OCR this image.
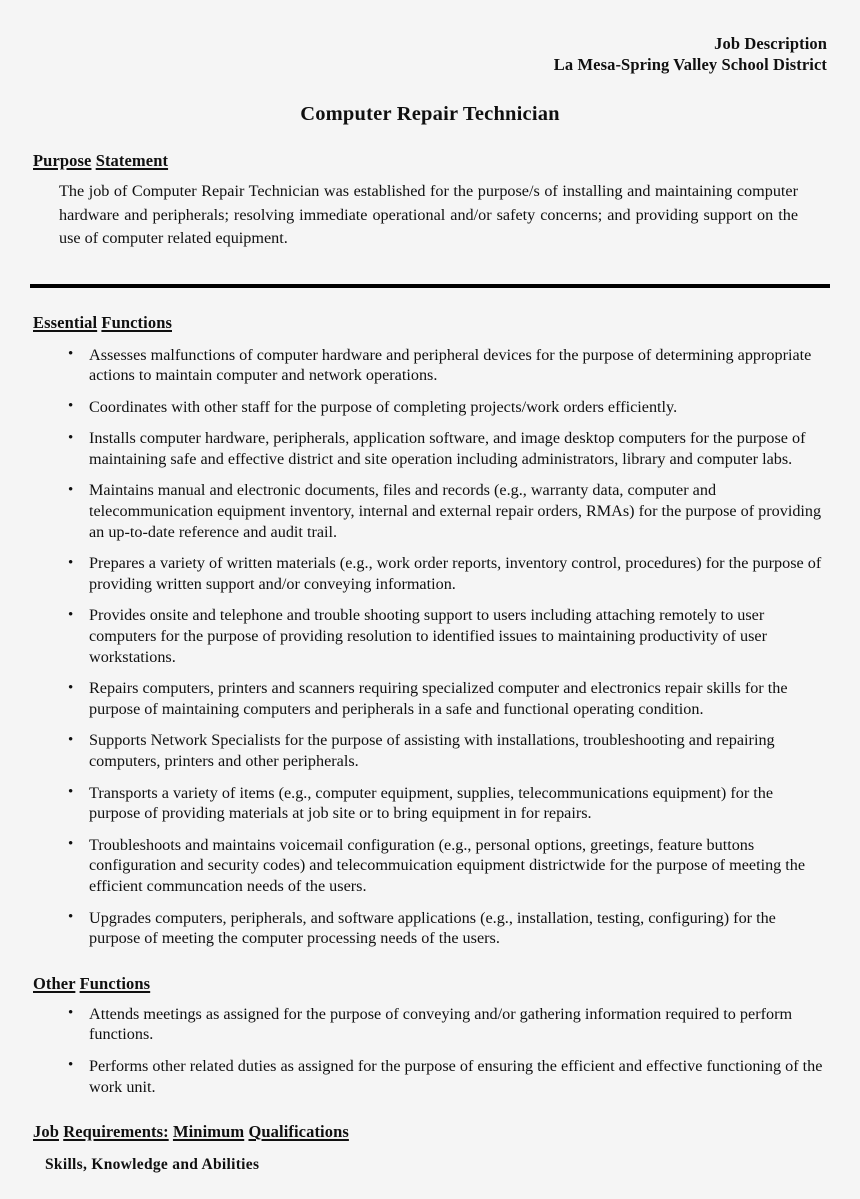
Job Description
La Mesa-Spring Valley School District
Computer Repair Technician
Purpose Statement
The job of Computer Repair Technician was established for the purpose/s of installing and maintaining computer hardware and peripherals; resolving immediate operational and/or safety concerns; and providing support on the use of computer related equipment.
Essential Functions
• Assesses malfunctions of computer hardware and peripheral devices for the purpose of determining appropriate actions to maintain computer and network operations.
• Coordinates with other staff for the purpose of completing projects/work orders efficiently.
• Installs computer hardware, peripherals, application software, and image desktop computers for the purpose of maintaining safe and effective district and site operation including administrators, library and computer labs.
• Maintains manual and electronic documents, files and records (e.g., warranty data, computer and telecommunication equipment inventory, internal and external repair orders, RMAs) for the purpose of providing an up-to-date reference and audit trail.
• Prepares a variety of written materials (e.g., work order reports, inventory control, procedures) for the purpose of providing written support and/or conveying information.
• Provides onsite and telephone and trouble shooting support to users including attaching remotely to user computers for the purpose of providing resolution to identified issues to maintaining productivity of user workstations.
• Repairs computers, printers and scanners requiring specialized computer and electronics repair skills for the purpose of maintaining computers and peripherals in a safe and functional operating condition.
• Supports Network Specialists for the purpose of assisting with installations, troubleshooting and repairing computers, printers and other peripherals.
• Transports a variety of items (e.g., computer equipment, supplies, telecommunications equipment) for the purpose of providing materials at job site or to bring equipment in for repairs.
• Troubleshoots and maintains voicemail configuration (e.g., personal options, greetings, feature buttons configuration and security codes) and telecommuication equipment districtwide for the purpose of meeting the efficient communcation needs of the users.
• Upgrades computers, peripherals, and software applications (e.g., installation, testing, configuring) for the purpose of meeting the computer processing needs of the users.
Other Functions
• Attends meetings as assigned for the purpose of conveying and/or gathering information required to perform functions.
• Performs other related duties as assigned for the purpose of ensuring the efficient and effective functioning of the work unit.
Job Requirements: Minimum Qualifications
Skills, Knowledge and Abilities
